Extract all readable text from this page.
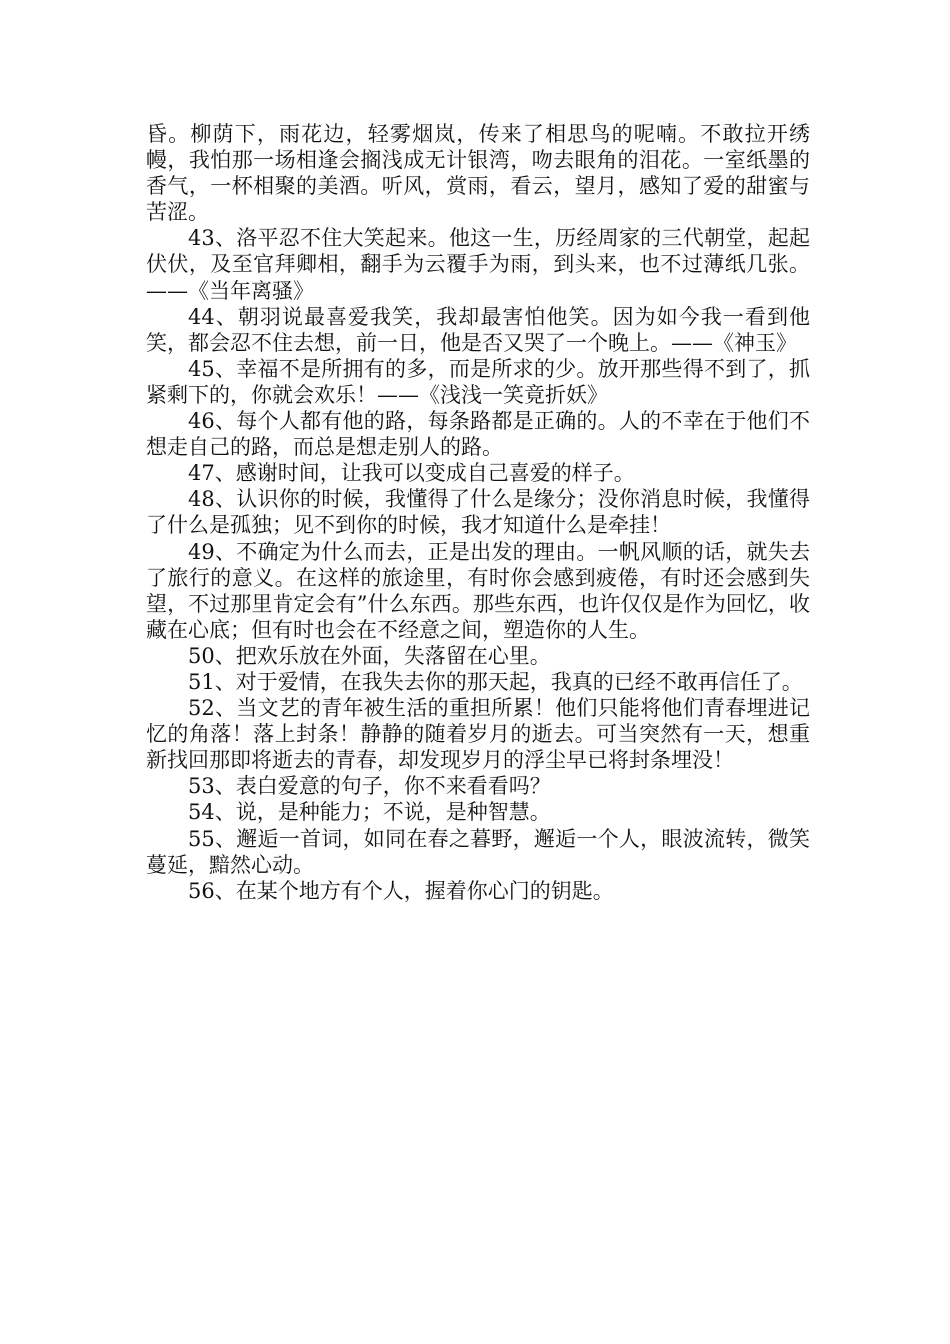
昏。柳荫下，雨花边，轻雾烟岚，传来了相思鸟的呢喃。不敢拉开绣幔，我怕那一场相逢会搁浅成无计银湾，吻去眼角的泪花。一室纸墨的香气，一杯相聚的美酒。听风，赏雨，看云，望月，感知了爱的甜蜜与苦涩。

43、洛平忍不住大笑起来。他这一生，历经周家的三代朝堂，起起伏伏，及至官拜卿相，翻手为云覆手为雨，到头来，也不过薄纸几张。——《当年离骚》

44、朝羽说最喜爱我笑，我却最害怕他笑。因为如今我一看到他笑，都会忍不住去想，前一日，他是否又哭了一个晚上。——《神玉》

45、幸福不是所拥有的多，而是所求的少。放开那些得不到了，抓紧剩下的，你就会欢乐！——《浅浅一笑竟折妖》

46、每个人都有他的路，每条路都是正确的。人的不幸在于他们不想走自己的路，而总是想走别人的路。

47、感谢时间，让我可以变成自己喜爱的样子。

48、认识你的时候，我懂得了什么是缘分；没你消息时候，我懂得了什么是孤独；见不到你的时候，我才知道什么是牵挂！

49、不确定为什么而去，正是出发的理由。一帆风顺的话，就失去了旅行的意义。在这样的旅途里，有时你会感到疲倦，有时还会感到失望，不过那里肯定会有”什么东西。那些东西，也许仅仅是作为回忆，收藏在心底；但有时也会在不经意之间，塑造你的人生。

50、把欢乐放在外面，失落留在心里。

51、对于爱情，在我失去你的那天起，我真的已经不敢再信任了。

52、当文艺的青年被生活的重担所累！他们只能将他们青春埋进记忆的角落！落上封条！静静的随着岁月的逝去。可当突然有一天，想重新找回那即将逝去的青春，却发现岁月的浮尘早已将封条埋没！

53、表白爱意的句子，你不来看看吗？

54、说，是种能力；不说，是种智慧。

55、邂逅一首词，如同在春之暮野，邂逅一个人，眼波流转，微笑蔓延，黯然心动。

56、在某个地方有个人，握着你心门的钥匙。
